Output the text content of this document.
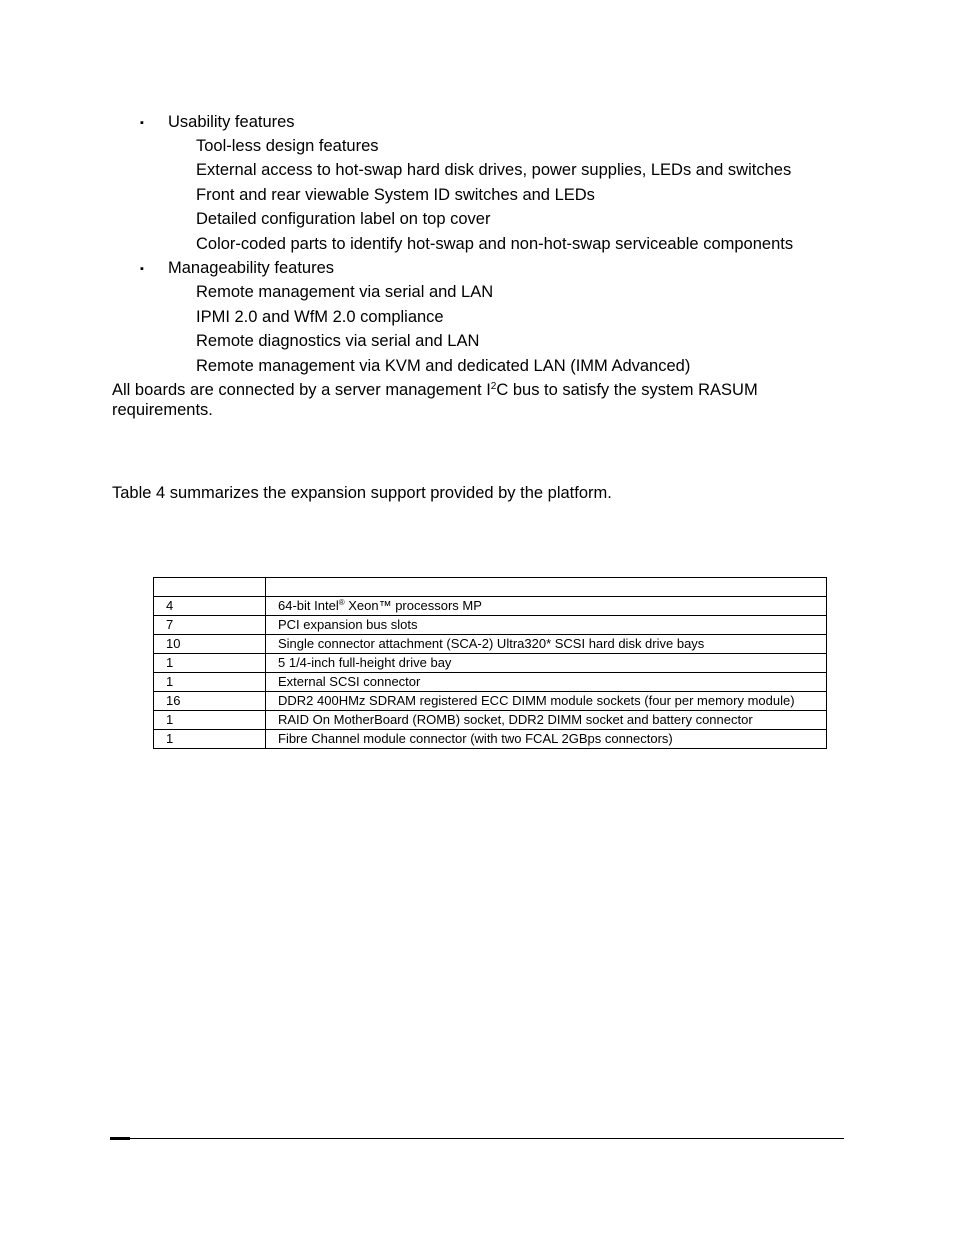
▪ Usability features
Tool-less design features
External access to hot-swap hard disk drives, power supplies, LEDs and switches
Front and rear viewable System ID switches and LEDs
Detailed configuration label on top cover
Color-coded parts to identify hot-swap and non-hot-swap serviceable components
▪ Manageability features
Remote management via serial and LAN
IPMI 2.0 and WfM 2.0 compliance
Remote diagnostics via serial and LAN
Remote management via KVM and dedicated LAN (IMM Advanced)
All boards are connected by a server management $I^2C$ bus to satisfy the system RASUM requirements.
Table 4 summarizes the expansion support provided by the platform.

4	64-bit Intel® Xeon™ processors MP
7	PCI expansion bus slots
10	Single connector attachment (SCA-2) Ultra320* SCSI hard disk drive bays
1	5 1/4-inch full-height drive bay
1	External SCSI connector
16	DDR2 400HMz SDRAM registered ECC DIMM module sockets (four per memory module)
1	RAID On MotherBoard (ROMB) socket, DDR2 DIMM socket and battery connector
1	Fibre Channel module connector (with two FCAL 2GBps connectors)
